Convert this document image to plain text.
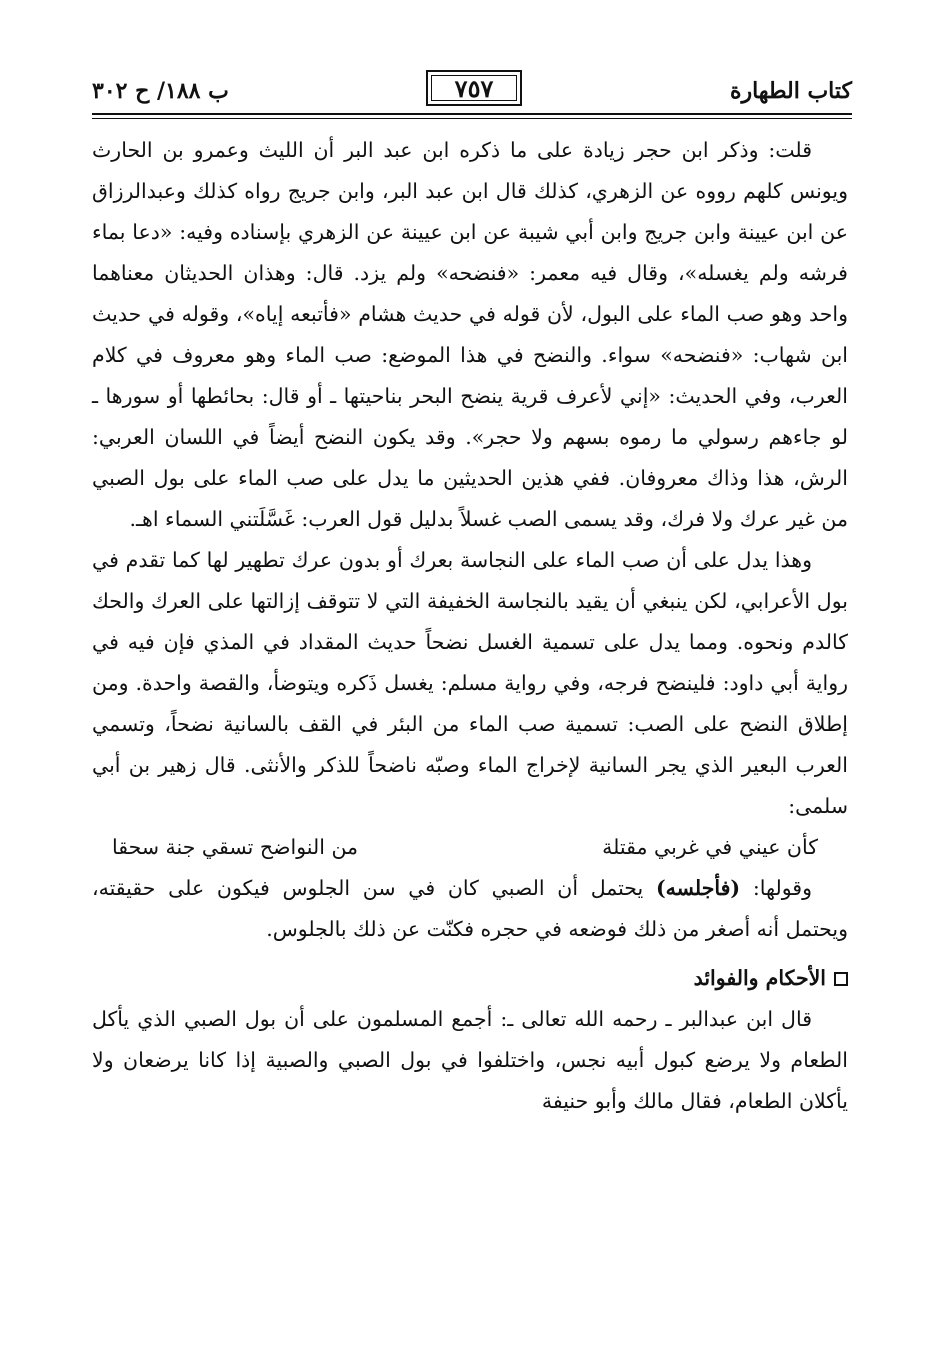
كتاب الطهارة
٧٥٧
ب ١٨٨/ ح ٣٠٢

قلت: وذكر ابن حجر زيادة على ما ذكره ابن عبد البر أن الليث وعمرو بن الحارث ويونس كلهم رووه عن الزهري، كذلك قال ابن عبد البر، وابن جريج رواه كذلك وعبدالرزاق عن ابن عيينة وابن جريج وابن أبي شيبة عن ابن عيينة عن الزهري بإسناده وفيه: «دعا بماء فرشه ولم يغسله»، وقال فيه معمر: «فنضحه» ولم يزد. قال: وهذان الحديثان معناهما واحد وهو صب الماء على البول، لأن قوله في حديث هشام «فأتبعه إياه»، وقوله في حديث ابن شهاب: «فنضحه» سواء. والنضح في هذا الموضع: صب الماء وهو معروف في كلام العرب، وفي الحديث: «إني لأعرف قرية ينضح البحر بناحيتها ـ أو قال: بحائطها أو سورها ـ لو جاءهم رسولي ما رموه بسهم ولا حجر». وقد يكون النضح أيضاً في اللسان العربي: الرش، هذا وذاك معروفان. ففي هذين الحديثين ما يدل على صب الماء على بول الصبي من غير عرك ولا فرك، وقد يسمى الصب غسلاً بدليل قول العرب: غَسَّلَتني السماء اهـ.

وهذا يدل على أن صب الماء على النجاسة بعرك أو بدون عرك تطهير لها كما تقدم في بول الأعرابي، لكن ينبغي أن يقيد بالنجاسة الخفيفة التي لا تتوقف إزالتها على العرك والحك كالدم ونحوه. ومما يدل على تسمية الغسل نضحاً حديث المقداد في المذي فإن فيه في رواية أبي داود: فلينضح فرجه، وفي رواية مسلم: يغسل ذَكره ويتوضأ، والقصة واحدة. ومن إطلاق النضح على الصب: تسمية صب الماء من البئر في القف بالسانية نضحاً، وتسمي العرب البعير الذي يجر السانية لإخراج الماء وصبّه ناضحاً للذكر والأنثى. قال زهير بن أبي سلمى:

كأن عيني في غربي مقتلة
من النواضح تسقي جنة سحقا

وقولها: (فأجلسه) يحتمل أن الصبي كان في سن الجلوس فيكون على حقيقته، ويحتمل أنه أصغر من ذلك فوضعه في حجره فكنّت عن ذلك بالجلوس.

الأحكام والفوائد

قال ابن عبدالبر ـ رحمه الله تعالى ـ: أجمع المسلمون على أن بول الصبي الذي يأكل الطعام ولا يرضع كبول أبيه نجس، واختلفوا في بول الصبي والصبية إذا كانا يرضعان ولا يأكلان الطعام، فقال مالك وأبو حنيفة
